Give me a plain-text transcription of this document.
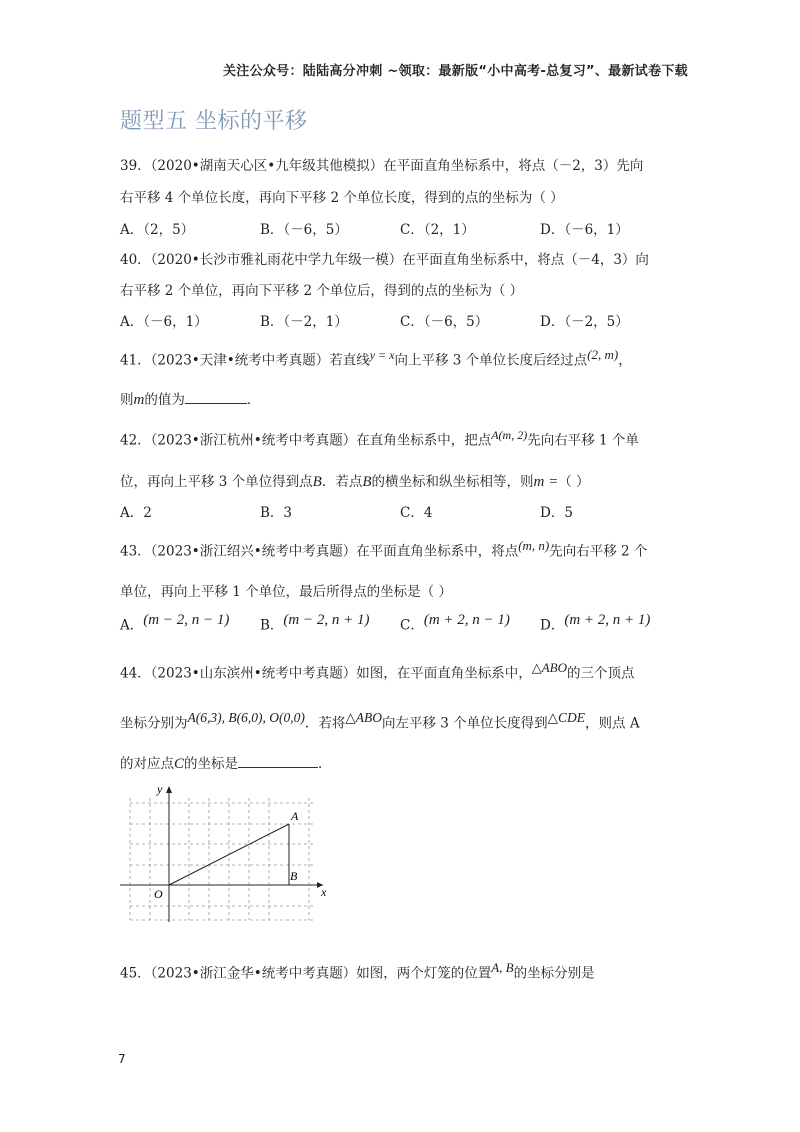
关注公众号：陆陆高分冲刺 ~领取：最新版“小中高考-总复习”、最新试卷下载
题型五 坐标的平移
39．（2020•湖南天心区•九年级其他模拟）在平面直角坐标系中，将点（－2，3）先向
右平移 4 个单位长度，再向下平移 2 个单位长度，得到的点的坐标为（ ）
A．（2，5）	B．（－6，5）	C．（2，1）	D．（－6，1）
40．（2020•长沙市雅礼雨花中学九年级一模）在平面直角坐标系中，将点（－4，3）向
右平移 2 个单位，再向下平移 2 个单位后，得到的点的坐标为（ ）
A．（－6，1）	B．（－2，1）	C．（－6，5）	D．（－2，5）
41．（2023•天津•统考中考真题）若直线$^{y = x}$向上平移 3 个单位长度后经过点$^{(2, m)}$，
则m的值为	．
42．（2023•浙江杭州•统考中考真题）在直角坐标系中，把点$^{A(m, 2)}$先向右平移 1 个单
位，再向上平移 3 个单位得到点B．若点B的横坐标和纵坐标相等，则m =（ ）
A．2	B．3	C．4	D．5
43．（2023•浙江绍兴•统考中考真题）在平面直角坐标系中，将点$^{(m, n)}$先向右平移 2 个
单位，再向上平移 1 个单位，最后所得点的坐标是（ ）
A．$^{(m - 2, n - 1)}$ B．$^{(m - 2, n + 1)}$ C．$^{(m + 2, n - 1)}$ D．$^{(m + 2, n + 1)}$
44．（2023•山东滨州•统考中考真题）如图，在平面直角坐标系中，$^{\triangle ABO}$的三个顶点
坐标分别为$^{A(6,3), B(6,0), O(0,0)}$．若将$^{\triangle ABO}$向左平移 3 个单位长度得到$^{\triangle CDE}$，则点 A
的对应点C的坐标是	．
y
x
A
B
O
45．（2023•浙江金华•统考中考真题）如图，两个灯笼的位置$^{A, B}$的坐标分别是
7
